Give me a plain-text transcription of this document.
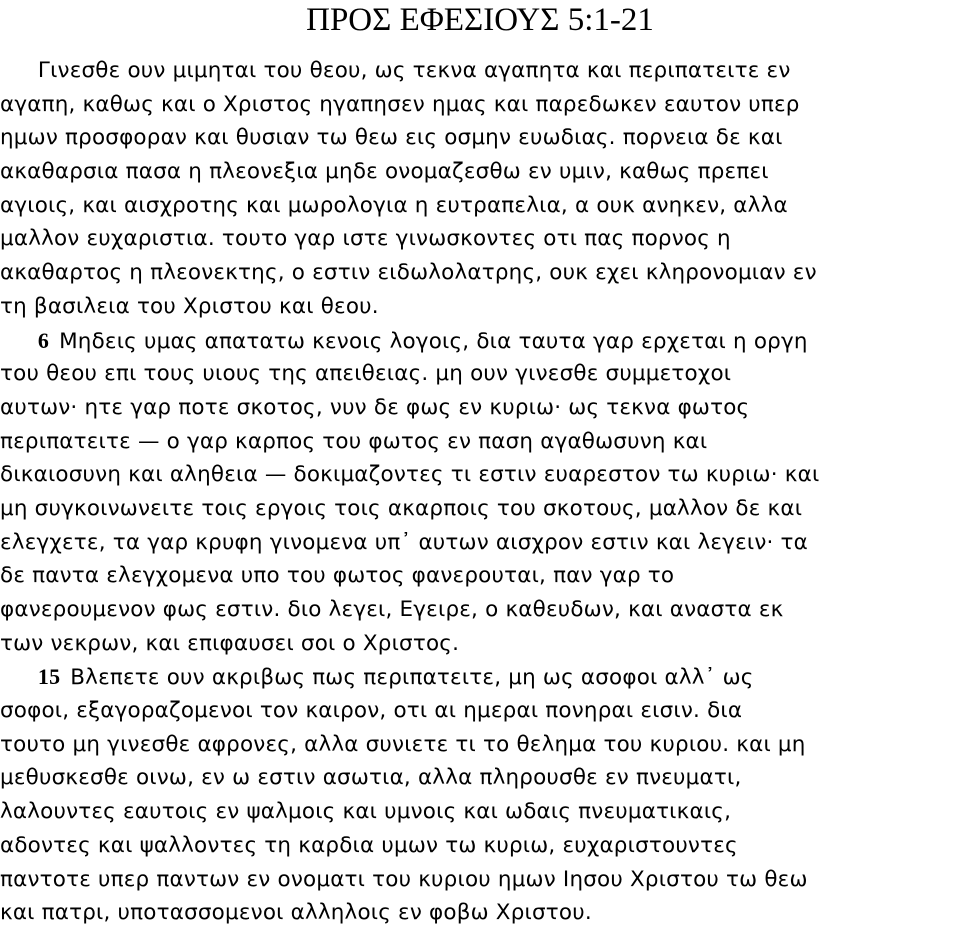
ΠΡΟΣ ΕΦΕΣΙΟΥΣ 5:1-21
Γινεσθε ουν μιμηται του θεου, ως τεκνα αγαπητα και περιπατειτε εν
αγαπη, καθως και ο Χριστος ηγαπησεν ημας και παρεδωκεν εαυτον υπερ
ημων προσφοραν και θυσιαν τω θεω εις οσμην ευωδιας. πορνεια δε και
ακαθαρσια πασα η πλεονεξια μηδε ονομαζεσθω εν υμιν, καθως πρεπει
αγιοις, και αισχροτης και μωρολογια η ευτραπελια, α ουκ ανηκεν, αλλα
μαλλον ευχαριστια. τουτο γαρ ιστε γινωσκοντες οτι πας πορνος η
ακαθαρτος η πλεονεκτης, ο εστιν ειδωλολατρης, ουκ εχει κληρονομιαν εν
τη βασιλεια του Χριστου και θεου.
6 Μηδεις υμας απατατω κενοις λογοις, δια ταυτα γαρ ερχεται η οργη
του θεου επι τους υιους της απειθειας. μη ουν γινεσθε συμμετοχοι
αυτων· ητε γαρ ποτε σκοτος, νυν δε φως εν κυριω· ως τεκνα φωτος
περιπατειτε — ο γαρ καρπος του φωτος εν παση αγαθωσυνη και
δικαιοσυνη και αληθεια — δοκιμαζοντες τι εστιν ευαρεστον τω κυριω· και
μη συγκοινωνειτε τοις εργοις τοις ακαρποις του σκοτους, μαλλον δε και
ελεγχετε, τα γαρ κρυφη γινομενα υπ᾽ αυτων αισχρον εστιν και λεγειν· τα
δε παντα ελεγχομενα υπο του φωτος φανερουται, παν γαρ το
φανερουμενον φως εστιν. διο λεγει, Εγειρε, ο καθευδων, και αναστα εκ
των νεκρων, και επιφαυσει σοι ο Χριστος.
15 Βλεπετε ουν ακριβως πως περιπατειτε, μη ως ασοφοι αλλ᾽ ως
σοφοι, εξαγοραζομενοι τον καιρον, οτι αι ημεραι πονηραι εισιν. δια
τουτο μη γινεσθε αφρονες, αλλα συνιετε τι το θελημα του κυριου. και μη
μεθυσκεσθε οινω, εν ω εστιν ασωτια, αλλα πληρουσθε εν πνευματι,
λαλουντες εαυτοις εν ψαλμοις και υμνοις και ωδαις πνευματικαις,
αδοντες και ψαλλοντες τη καρδια υμων τω κυριω, ευχαριστουντες
παντοτε υπερ παντων εν ονοματι του κυριου ημων Ιησου Χριστου τω θεω
και πατρι, υποτασσομενοι αλληλοις εν φοβω Χριστου.
